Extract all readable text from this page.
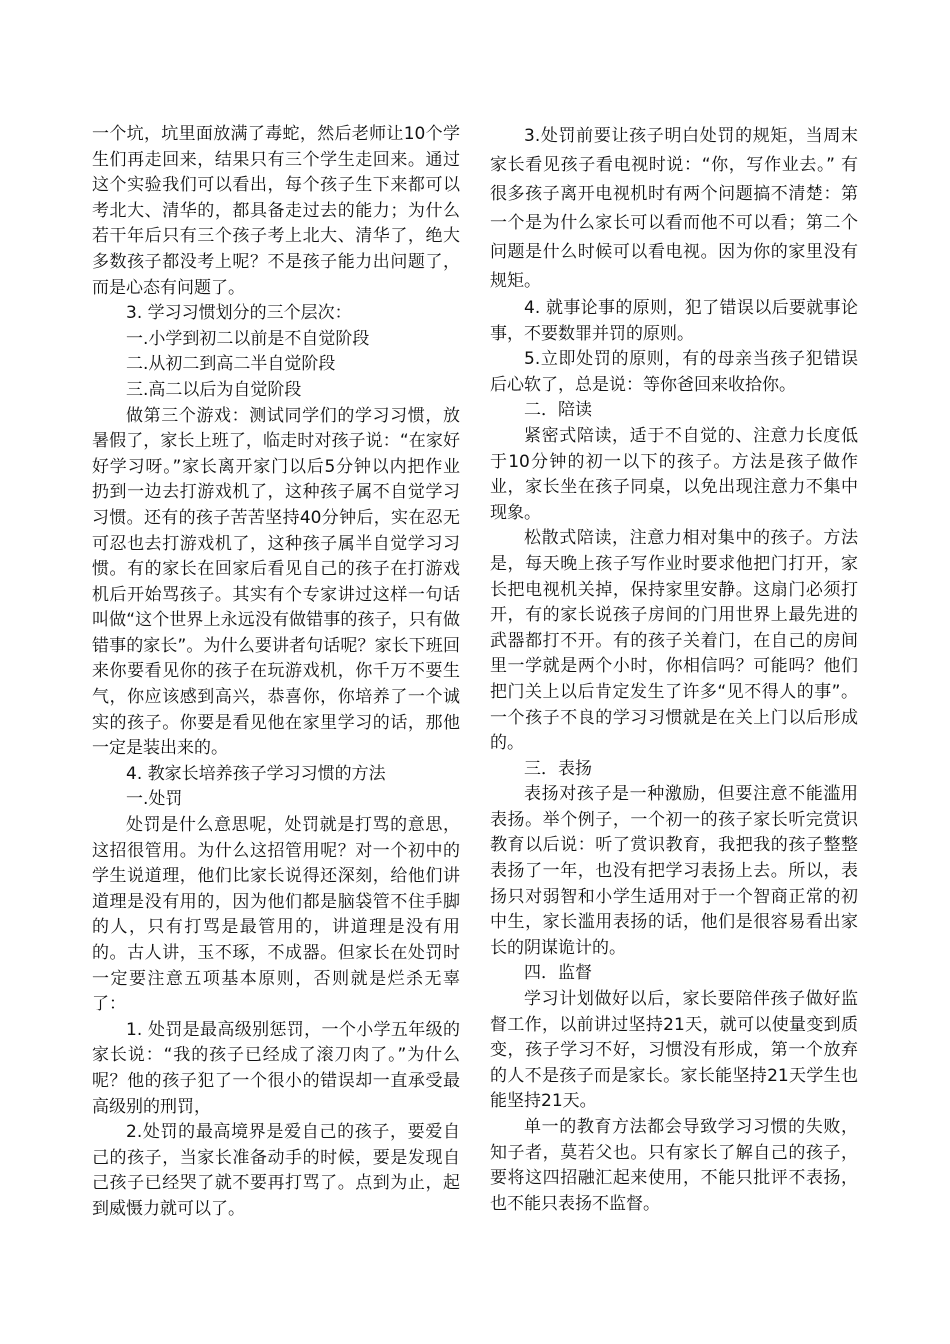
一个坑，坑里面放满了毒蛇，然后老师让10个学生们再走回来，结果只有三个学生走回来。通过这个实验我们可以看出，每个孩子生下来都可以考北大、清华的，都具备走过去的能力；为什么若干年后只有三个孩子考上北大、清华了，绝大多数孩子都没考上呢？不是孩子能力出问题了，而是心态有问题了。

3. 学习习惯划分的三个层次：

一.小学到初二以前是不自觉阶段

二.从初二到高二半自觉阶段

三.高二以后为自觉阶段

做第三个游戏：测试同学们的学习习惯，放暑假了，家长上班了，临走时对孩子说：“在家好好学习呀。”家长离开家门以后5分钟以内把作业扔到一边去打游戏机了，这种孩子属不自觉学习习惯。还有的孩子苦苦坚持40分钟后，实在忍无可忍也去打游戏机了，这种孩子属半自觉学习习惯。有的家长在回家后看见自己的孩子在打游戏机后开始骂孩子。其实有个专家讲过这样一句话叫做“这个世界上永远没有做错事的孩子，只有做错事的家长”。为什么要讲者句话呢？家长下班回来你要看见你的孩子在玩游戏机，你千万不要生气，你应该感到高兴，恭喜你，你培养了一个诚实的孩子。你要是看见他在家里学习的话，那他一定是装出来的。

4. 教家长培养孩子学习习惯的方法

一.处罚

处罚是什么意思呢，处罚就是打骂的意思，这招很管用。为什么这招管用呢？对一个初中的学生说道理，他们比家长说得还深刻，给他们讲道理是没有用的，因为他们都是脑袋管不住手脚的人，只有打骂是最管用的，讲道理是没有用的。古人讲，玉不琢，不成器。但家长在处罚时一定要注意五项基本原则，否则就是烂杀无辜了：

1. 处罚是最高级别惩罚，一个小学五年级的家长说：“我的孩子已经成了滚刀肉了。”为什么呢？他的孩子犯了一个很小的错误却一直承受最高级别的刑罚，

2.处罚的最高境界是爱自己的孩子，要爱自己的孩子，当家长准备动手的时候，要是发现自己孩子已经哭了就不要再打骂了。点到为止，起到威慑力就可以了。

3.处罚前要让孩子明白处罚的规矩，当周末家长看见孩子看电视时说：“你，写作业去。” 有很多孩子离开电视机时有两个问题搞不清楚：第一个是为什么家长可以看而他不可以看；第二个问题是什么时候可以看电视。因为你的家里没有规矩。

4. 就事论事的原则，犯了错误以后要就事论事，不要数罪并罚的原则。

5.立即处罚的原则，有的母亲当孩子犯错误后心软了，总是说：等你爸回来收拾你。

二．陪读

紧密式陪读，适于不自觉的、注意力长度低于10分钟的初一以下的孩子。方法是孩子做作业，家长坐在孩子同桌，以免出现注意力不集中现象。

松散式陪读，注意力相对集中的孩子。方法是，每天晚上孩子写作业时要求他把门打开，家长把电视机关掉，保持家里安静。这扇门必须打开，有的家长说孩子房间的门用世界上最先进的武器都打不开。有的孩子关着门，在自己的房间里一学就是两个小时，你相信吗？可能吗？他们把门关上以后肯定发生了许多“见不得人的事”。一个孩子不良的学习习惯就是在关上门以后形成的。

三．表扬

表扬对孩子是一种激励，但要注意不能滥用表扬。举个例子，一个初一的孩子家长听完赏识教育以后说：听了赏识教育，我把我的孩子整整表扬了一年，也没有把学习表扬上去。所以，表扬只对弱智和小学生适用对于一个智商正常的初中生，家长滥用表扬的话，他们是很容易看出家长的阴谋诡计的。

四．监督

学习计划做好以后，家长要陪伴孩子做好监督工作，以前讲过坚持21天，就可以使量变到质变，孩子学习不好，习惯没有形成，第一个放弃的人不是孩子而是家长。家长能坚持21天学生也能坚持21天。

单一的教育方法都会导致学习习惯的失败，知子者，莫若父也。只有家长了解自己的孩子，要将这四招融汇起来使用，不能只批评不表扬，也不能只表扬不监督。
